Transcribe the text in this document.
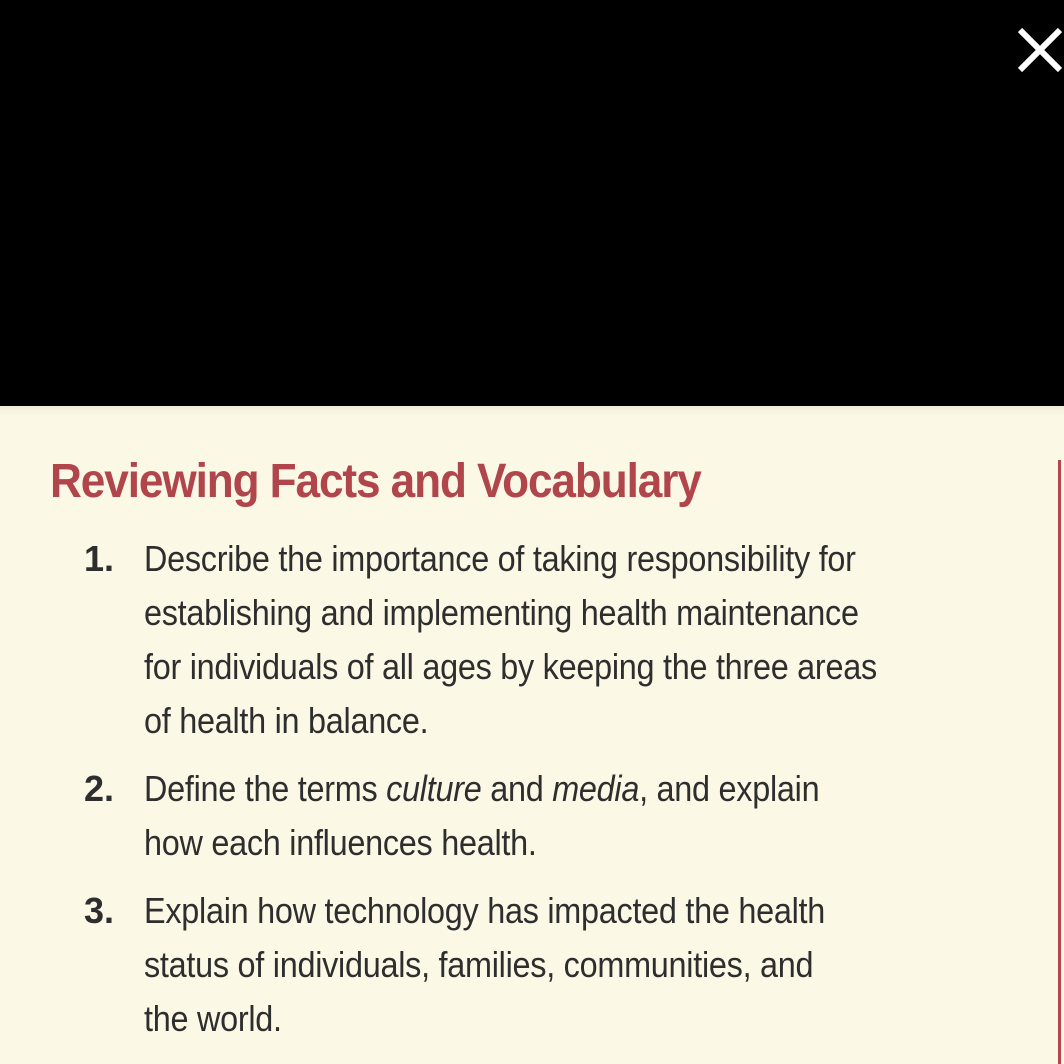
Reviewing Facts and Vocabulary
1. Describe the importance of taking responsibility for
establishing and implementing health maintenance
for individuals of all ages by keeping the three areas
of health in balance.
2. Define the terms culture and media, and explain
how each influences health.
3. Explain how technology has impacted the health
status of individuals, families, communities, and
the world.
